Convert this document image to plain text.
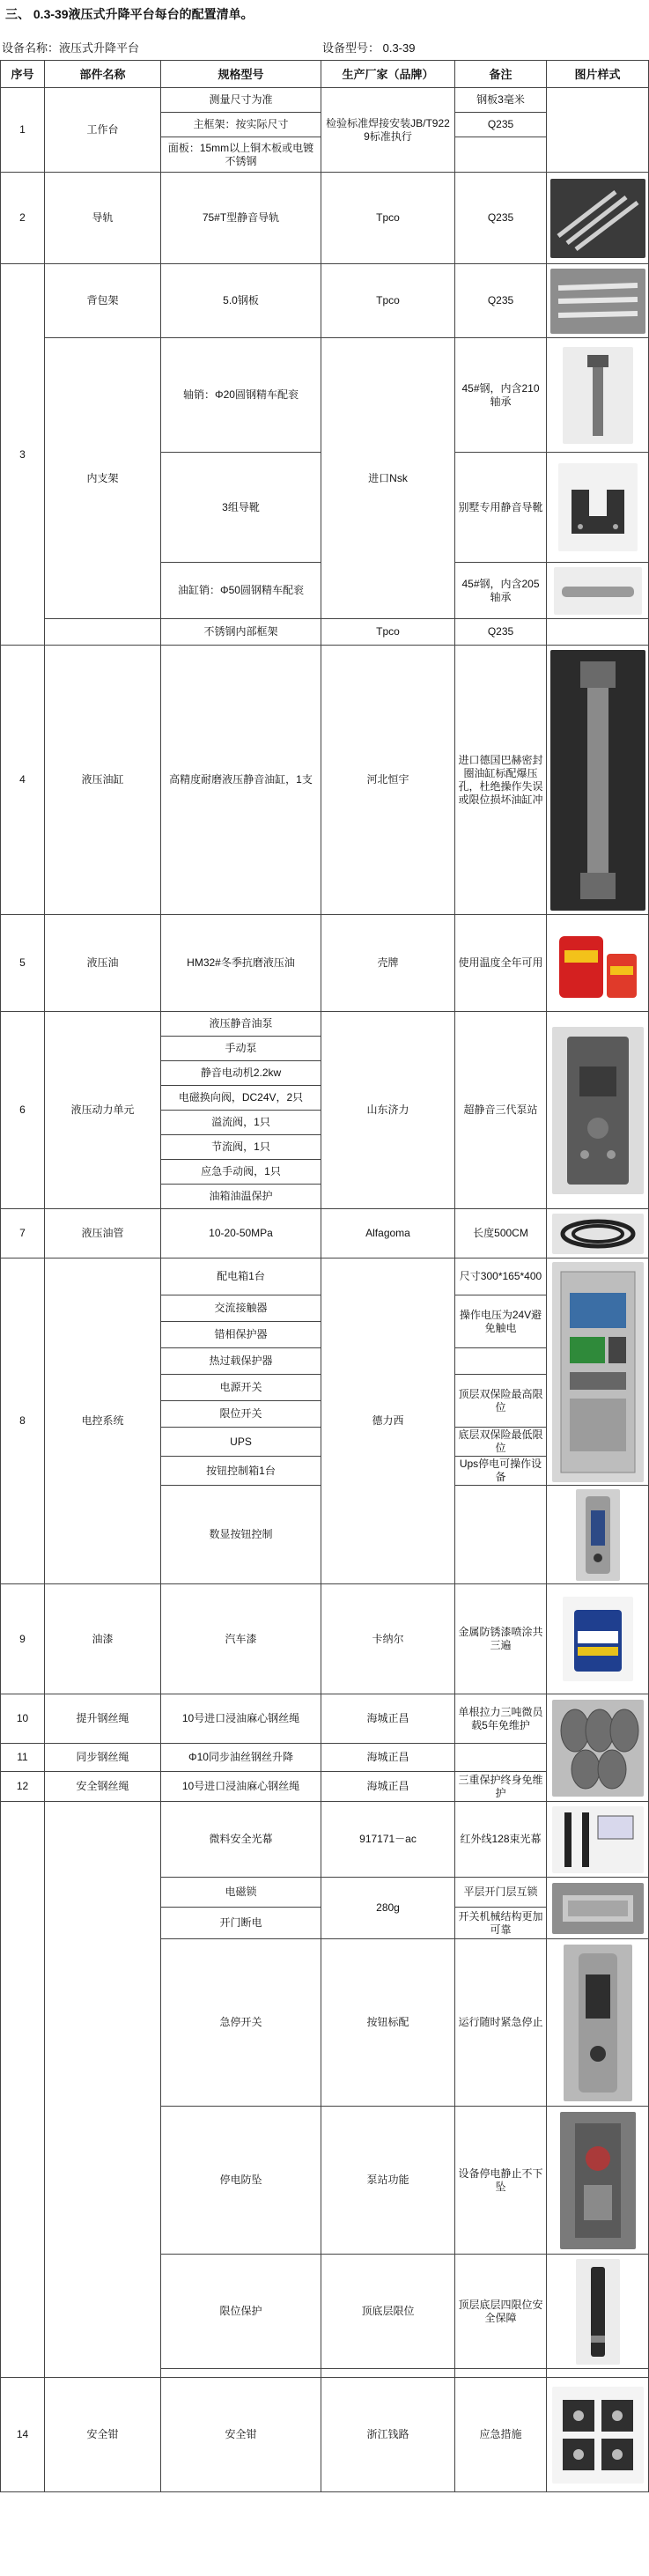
三、 0.3-39液压式升降平台每台的配置清单。
设备名称：液压式升降平台	设备型号： 0.3-39
序号	部件名称	规格型号	生产厂家（品牌）	备注	图片样式
1	工作台	测量尺寸为准	检验标准焊接安装JB/T9229标准执行	钢板3毫米	
		主框架：按实际尺寸		Q235	
		面板：15mm以上铜木板或电镀不锈钢			
2	导轨	75#T型静音导轨	Tpco	Q235	

3	背包架	5.0钢板	Tpco	Q235	

	内支架	轴销：Φ20圆钢精车配衮	进口Nsk	45#钢，内含210轴承	

		3组导靴		别墅专用静音导靴	

		油缸销：Φ50圆钢精车配衮		45#钢，内含205轴承	

		不锈钢内部框架	Tpco	Q235	
4	液压油缸	高精度耐磨液压静音油缸，1支	河北恒宇	进口德国巴赫密封圈油缸标配爆压孔，杜绝操作失误或限位损坏油缸冲	

5	液压油	HM32#冬季抗磨液压油	壳牌	使用温度全年可用	

6	液压动力单元	液压静音油泵	山东济力	超静音三代泵站	

		手动泵			
		静音电动机2.2kw			
		电磁换向阀，DC24V，2只			
		溢流阀，1只			
		节流阀，1只			
		应急手动阀，1只			
		油箱油温保护			
7	液压油管	10-20-50MPa	Alfagoma	长度500CM	

8	电控系统	配电箱1台	德力西	尺寸300*165*400	

		交流接触器		操作电压为24V避免触电	
		错相保护器			
		热过载保护器			
		电源开关		顶层双保险最高限位	
		限位开关			
		UPS		底层双保险最低限位	
		按钮控制箱1台		Ups停电可操作设备	
		数显按钮控制		

9	油漆	汽车漆	卡纳尔	金属防锈漆喷涂共三遍	

10	提升钢丝绳	10号进口浸油麻心钢丝绳	海城正昌	单根拉力三吨微员载5年免维护	

11	同步钢丝绳	Φ10同步油丝钢丝升降	海城正昌		
12	安全钢丝绳	10号进口浸油麻心钢丝绳	海城正昌	三重保护终身免维护	
		微料安全光幕	917171－ac	红外线128束光幕	

		电磁锁	280g	平层开门层互锁	

		开门断电		开关机械结构更加可靠	
		急停开关	按钮标配	运行随时紧急停止	

		停电防坠	泵站功能	设备停电静止不下坠	

		限位保护	顶底层限位	顶层底层四限位安全保障	

14	安全钳	安全钳	浙江钱路	应急措施	
